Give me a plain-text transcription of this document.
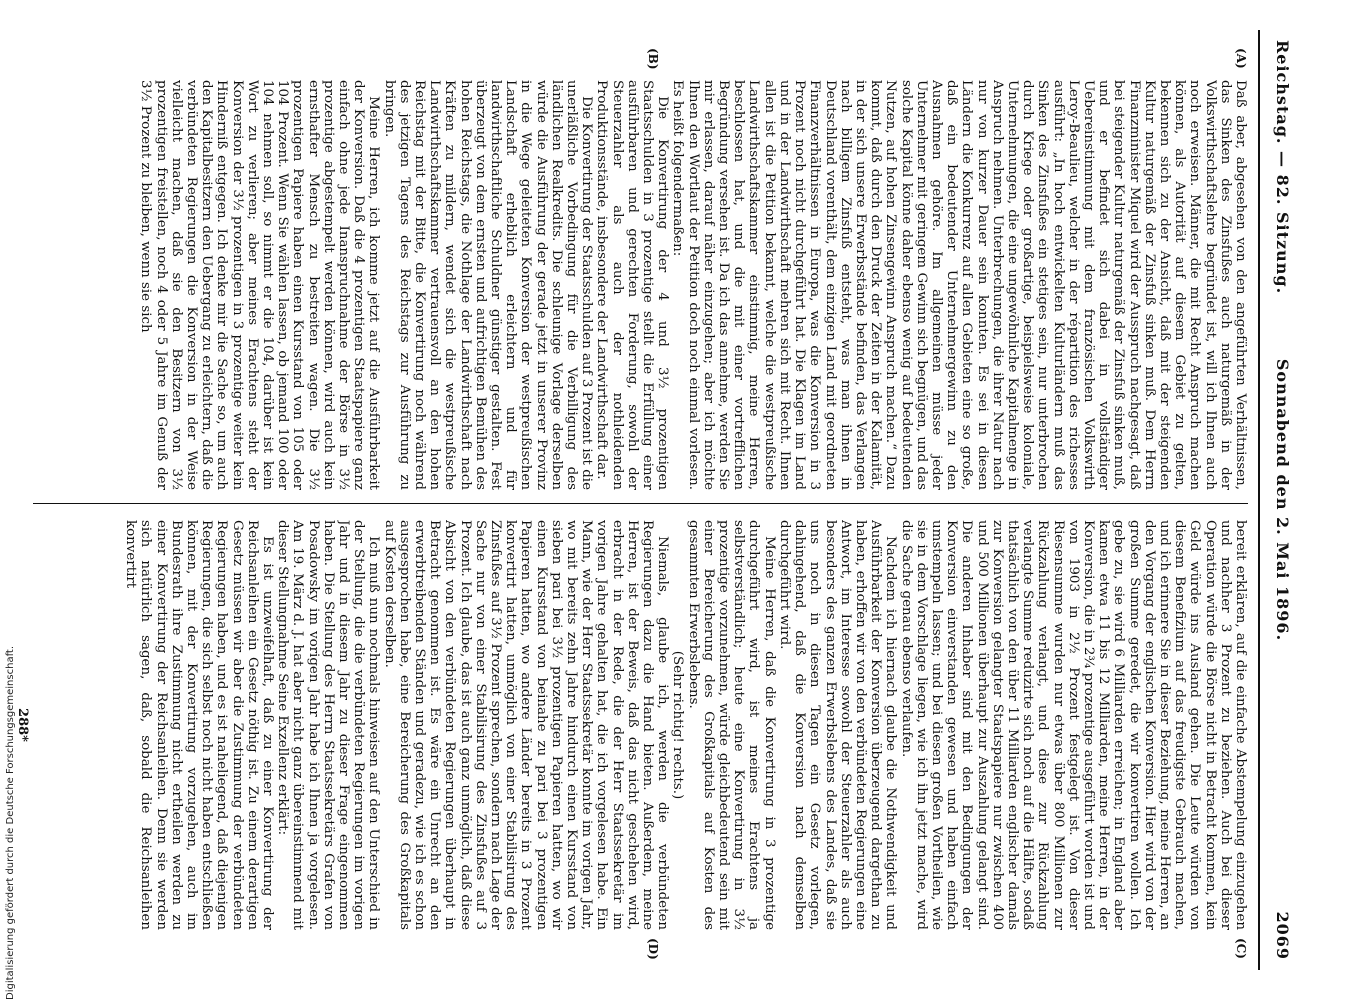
Reichstag. — 82. Sitzung.
Sonnabend den 2. Mai 1896.
2069
(A)
(B)
(C)
(D)

Daß aber, abgesehen von den angeführten Verhältnissen, das Sinken des Zinsfußes auch naturgemäß in der Volkswirthschaftslehre begründet ist, will ich Ihnen auch noch erweisen. Männer, die mit Recht Anspruch machen können, als Autorität auf diesem Gebiet zu gelten, bekennen sich zu der Ansicht, daß mit der steigenden Kultur naturgemäß der Zinsfuß sinken muß. Dem Herrn Finanzminister Miquel wird der Ausspruch nachgesagt, daß bei steigender Kultur naturgemäß der Zinsfuß sinken muß, und er befindet sich dabei in vollständiger Uebereinstimmung mit dem französischen Volkswirth Leroy-Beaulieu, welcher in der répartition des richesses ausführt: „In hoch entwickelten Kulturländern muß das Sinken des Zinsfußes ein stetiges sein, nur unterbrochen durch Kriege oder großartige, beispielsweise koloniale, Unternehmungen, die eine ungewöhnliche Kapitalmenge in Anspruch nehmen. Unterbrechungen, die ihrer Natur nach nur von kurzer Dauer sein konnten. Es sei in diesen Ländern die Konkurrenz auf allen Gebieten eine so große, daß ein bedeutender Unternehmergewinn zu den Ausnahmen gehöre. Im allgemeinen müsse jeder Unternehmer mit geringem Gewinn sich begnügen, und das solche Kapital könne daher ebenso wenig auf bedeutenden Nutzen, auf hohen Zinsengewinn Anspruch machen.“ Dazu kommt, daß durch den Druck der Zeiten in der Kalamität, in der sich unsere Erwerbsstände befinden, das Verlangen nach billigem Zinsfuß entsteht, was man ihnen in Deutschland vorenthält, dem einzigen Land mit geordneten Finanzverhältnissen in Europa, was die Konversion in 3 Prozent noch nicht durchgeführt hat. Die Klagen im Land und in der Landwirthschaft mehren sich mit Recht. Ihnen allen ist die Petition bekannt, welche die westpreußische Landwirthschaftskammer einstimmig, meine Herren, beschlossen hat, und die mit einer vortrefflichen Begründung versehen ist. Da ich das annehme, werden Sie mir erlassen, darauf näher einzugehen; aber ich möchte Ihnen den Wortlaut der Petition doch noch einmal vorlesen. Es heißt folgendermaßen:

Die Konvertirung der 4 und 3½ prozentigen Staatsschulden in 3 prozentige stellt die Erfüllung einer ausführbaren und gerechten Forderung, sowohl der Steuerzahler als auch der nothleidenden Produktionsstände, insbesondere der Landwirthschaft dar.

Die Konvertirung der Staatsschulden auf 3 Prozent ist die unerläßliche Vorbedingung für die Verbilligung des ländlichen Realkredits. Die schleunige Vorlage derselben würde die Ausführung der gerade jetzt in unserer Provinz in die Wege geleiteten Konversion der westpreußischen Landschaft erheblich erleichtern und für landwirthschaftliche Schuldner günstiger gestalten. Fest überzeugt von dem ernsten und aufrichtigen Bemühen des hohen Reichstags, die Nothlage der Landwirthschaft nach Kräften zu mildern, wendet sich die westpreußische Landwirthschaftskammer vertrauensvoll an den hohen Reichstag mit der Bitte, die Konvertirung noch während des jetzigen Tagens des Reichstags zur Ausführung zu bringen.

Meine Herren, ich komme jetzt auf die Ausführbarkeit der Konversion. Daß die 4 prozentigen Staatspapiere ganz einfach ohne jede Inanspruchnahme der Börse in 3½ prozentige abgestempelt werden können, wird auch kein ernsthafter Mensch zu bestreiten wagen. Die 3½ prozentigen Papiere haben einen Kursstand von 105 oder 104 Prozent. Wenn Sie wählen lassen, ob jemand 100 oder 104 nehmen soll, so nimmt er die 104, darüber ist kein Wort zu verlieren; aber meines Erachtens steht der Konversion der 3½ prozentigen in 3 prozentige weiter kein Hinderniß entgegen. Ich denke mir die Sache so, um auch den Kapitalbesitzern den Uebergang zu erleichtern, daß die verbündeten Regierungen die Konversion in der Weise vielleicht machen, daß sie den Besitzern von 3½ prozentigen freistellen, noch 4 oder 5 Jahre im Genuß der 3½ Prozent zu bleiben, wenn sie sich

bereit erklären, auf die einfache Abstempelung einzugehen und nachher 3 Prozent zu beziehen. Auch bei dieser Operation würde die Börse nicht in Betracht kommen, kein Geld würde ins Ausland gehen. Die Leute würden von diesem Benefizium auf das freudigste Gebrauch machen, und ich erinnere Sie in dieser Beziehung, meine Herren, an den Vorgang der englischen Konversion. Hier wird von der großen Summe geredet, die wir konvertiren wollen. Ich gebe zu, sie wird 6 Milliarden erreichen; in England aber kamen etwa 11 bis 12 Milliarden, meine Herren, in der Konversion, die in 2¾ prozentige ausgeführt worden ist und von 1903 in 2½ Prozent festgelegt ist. Von dieser Riesensumme wurden nur etwas über 800 Millionen zur Rückzahlung verlangt, und diese zur Rückzahlung verlangte Summe reduzirte sich noch auf die Hälfte, sodaß thatsächlich von den über 11 Milliarden englischer damals zur Konversion gelangter Staatspapiere nur zwischen 400 und 500 Millionen überhaupt zur Auszahlung gelangt sind. Die anderen Inhaber sind mit den Bedingungen der Konversion einverstanden gewesen und haben einfach umstempeln lassen; und bei diesen großen Vortheilen, wie sie in dem Vorschlage liegen, wie ich ihn jetzt mache, wird die Sache genau ebenso verlaufen.

Nachdem ich hiernach glaube die Nothwendigkeit und Ausführbarkeit der Konversion überzeugend dargethan zu haben, erhoffen wir von den verbündeten Regierungen eine Antwort, im Interesse sowohl der Steuerzahler als auch besonders des ganzen Erwerbslebens des Landes, daß sie uns noch in diesen Tagen ein Gesetz vorlegen, dahingehend, daß die Konversion nach demselben durchgeführt wird.

Meine Herren, daß die Konvertirung in 3 prozentige durchgeführt wird, ist meines Erachtens ja selbstverständlich; heute eine Konvertirung in 3½ prozentige vorzunehmen, würde gleichbedeutend sein mit einer Bereicherung des Großkapitals auf Kosten des gesammten Erwerbslebens.

(Sehr richtig! rechts.)

Niemals, glaube ich, werden die verbündeten Regierungen dazu die Hand bieten. Außerdem, meine Herren, ist der Beweis, daß das nicht geschehen wird, erbracht in der Rede, die der Herr Staatssekretär im vorigen Jahre gehalten hat, die ich vorgelesen habe. Ein Mann, wie der Herr Staatssekretär konnte im vorigen Jahr, wo mit bereits zehn Jahre hindurch einen Kursstand von sieben pari bei 3½ prozentigen Papieren hatten, wo wir einen Kursstand von beinahe zu pari bei 3 prozentigen Papieren hatten, wo andere Länder bereits in 3 Prozent konvertirt hatten, unmöglich von einer Stabilisirung des Zinsfußes auf 3½ Prozent sprechen, sondern nach Lage der Sache nur von einer Stabilisirung des Zinsfußes auf 3 Prozent. Ich glaube, das ist auch ganz unmöglich, daß diese Absicht von den verbündeten Regierungen überhaupt in Betracht genommen ist. Es wäre ein Unrecht an den erwerbtreibenden Ständen und geradezu, wie ich es schon ausgesprochen habe, eine Bereicherung des Großkapitals auf Kosten derselben.

Ich muß nun nochmals hinweisen auf den Unterschied in der Stellung, die die verbündeten Regierungen im vorigen Jahr und in diesem Jahr zu dieser Frage eingenommen haben. Die Stellung des Herrn Staatssekretärs Grafen von Posadowsky im vorigen Jahr habe ich Ihnen ja vorgelesen. Am 19. März d. J. hat aber nicht ganz übereinstimmend mit dieser Stellungnahme Seine Exzellenz erklärt:

Es ist unzweifelhaft, daß zu einer Konvertirung der Reichsanleihen ein Gesetz nöthig ist. Zu einem derartigen Gesetz müssen wir aber die Zustimmung der verbündeten Regierungen haben, und es ist naheliegend, daß diejenigen Regierungen, die sich selbst noch nicht haben entschließen können, mit der Konvertirung vorzugehen, auch im Bundesrath ihre Zustimmung nicht ertheilen werden zu einer Konvertirung der Reichsanleihen. Denn sie werden sich natürlich sagen, daß, sobald die Reichsanleihen konvertirt

288*
Digitalisierung gefördert durch die Deutsche Forschungsgemeinschaft.
